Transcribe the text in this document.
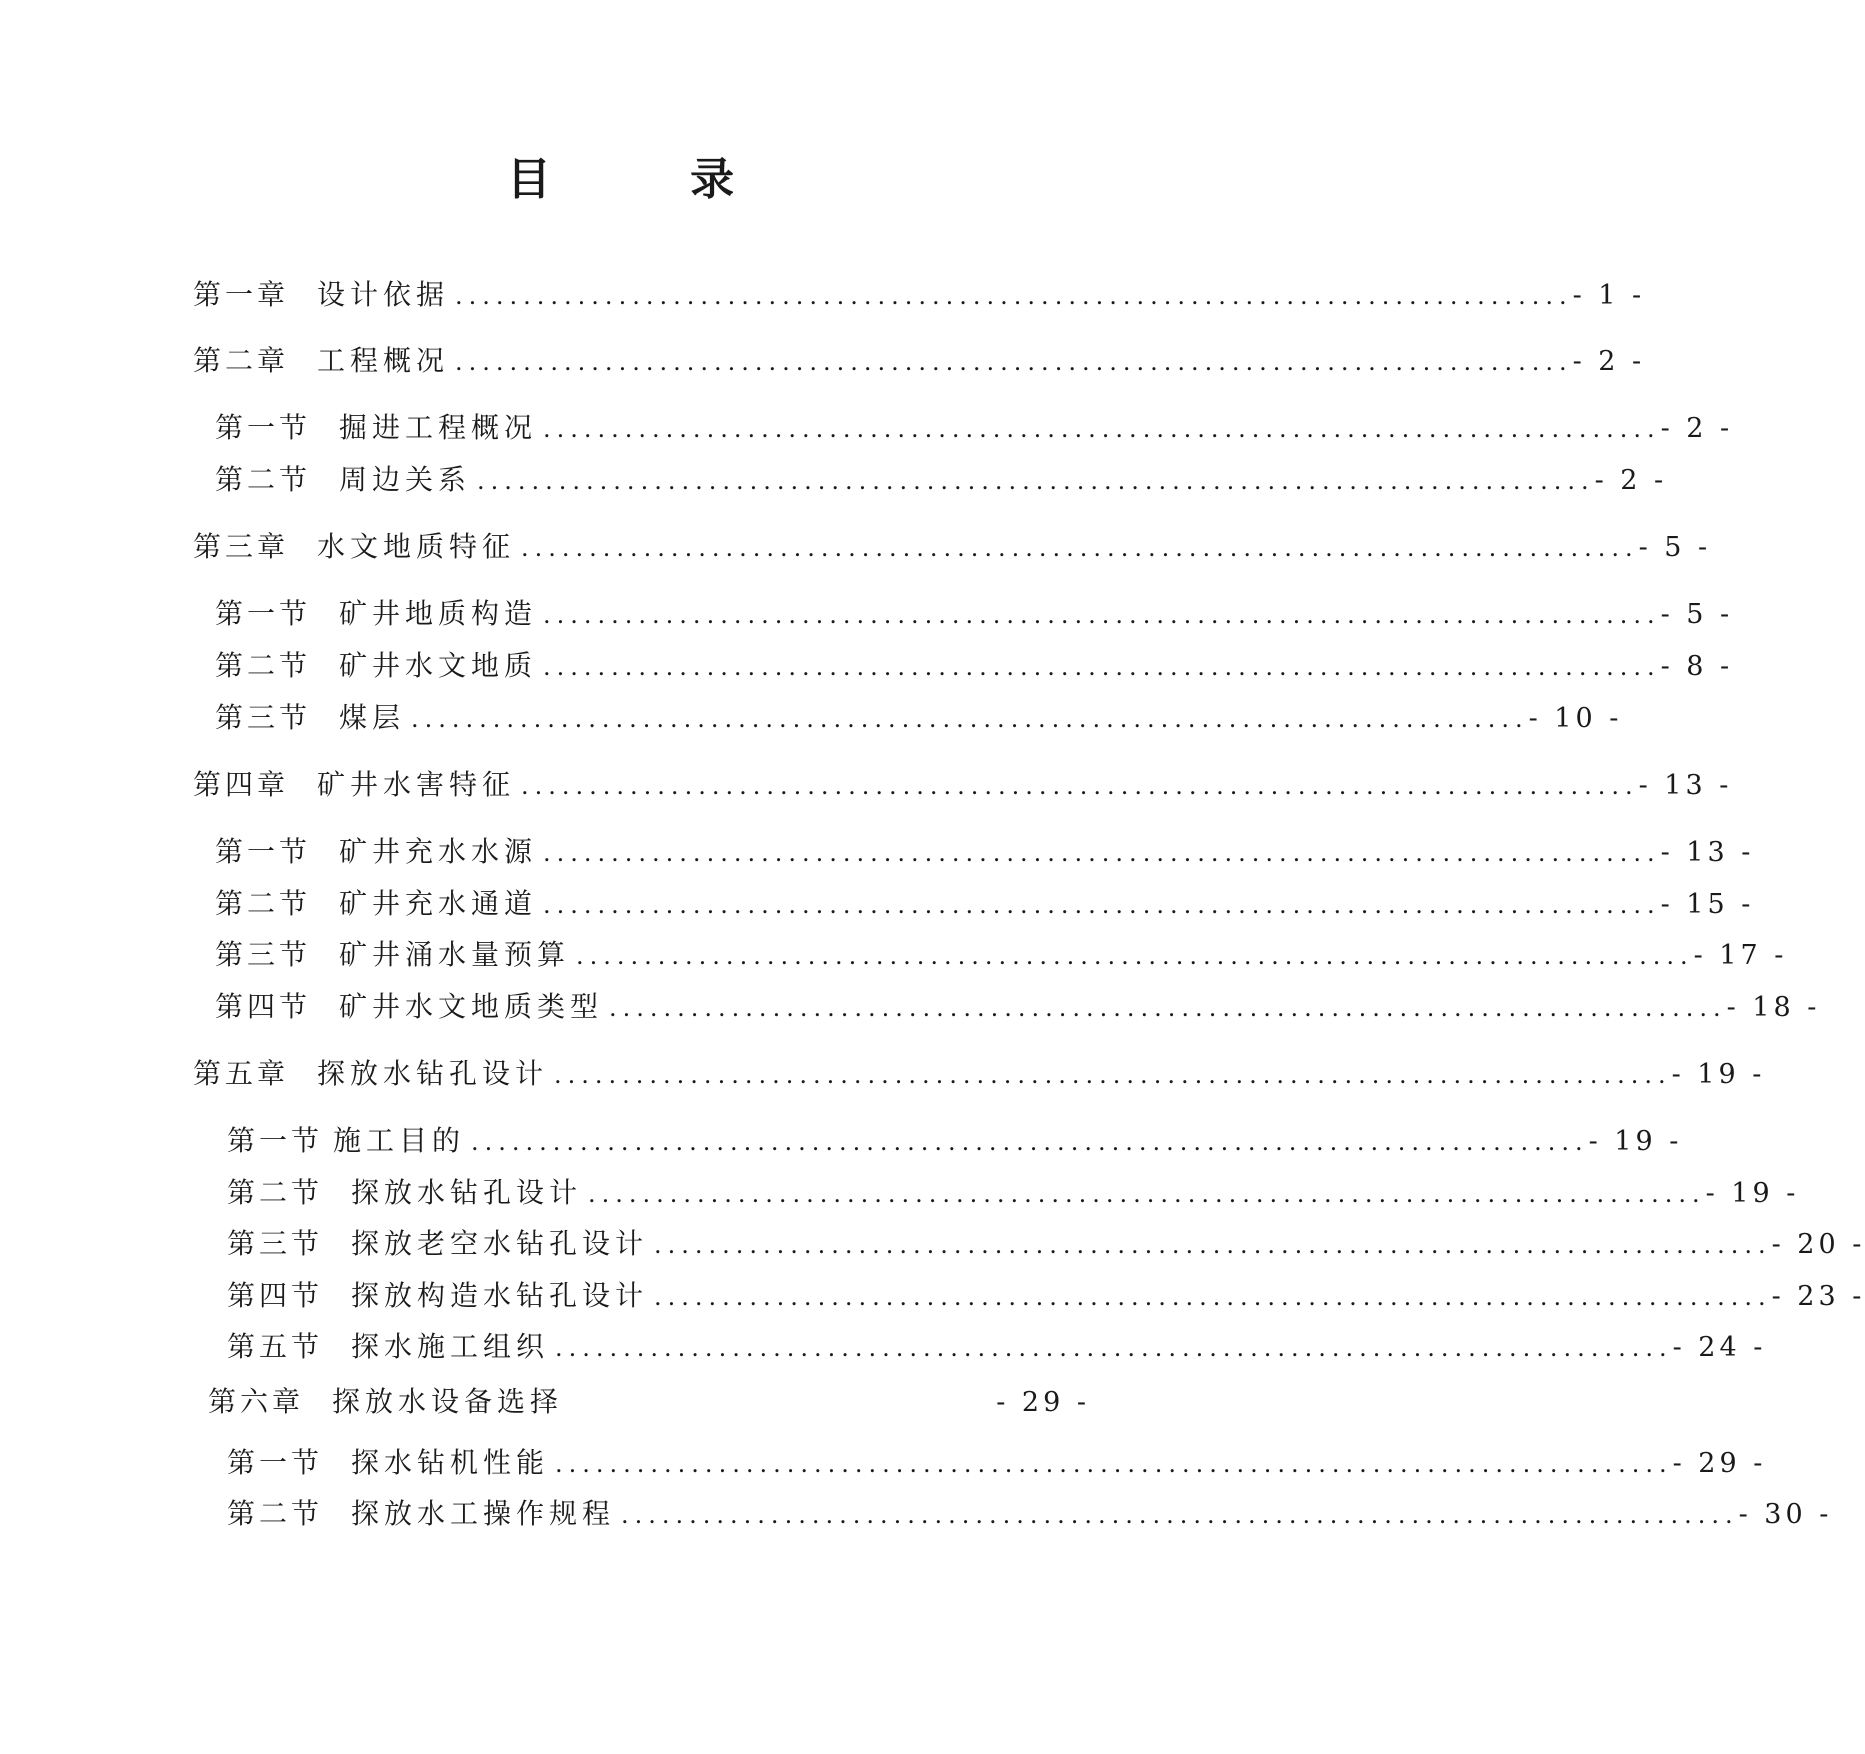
目 录
第一章 设计依据 .................................................................................. - 1 -
第二章 工程概况 .................................................................................. - 2 -
第一节 掘进工程概况 .................................................................................. - 2 -
第二节 周边关系 .................................................................................. - 2 -
第三章 水文地质特征 .................................................................................. - 5 -
第一节 矿井地质构造 .................................................................................. - 5 -
第二节 矿井水文地质 .................................................................................. - 8 -
第三节 煤层 .................................................................................. - 10 -
第四章 矿井水害特征 .................................................................................. - 13 -
第一节 矿井充水水源 .................................................................................. - 13 -
第二节 矿井充水通道 .................................................................................. - 15 -
第三节 矿井涌水量预算 .................................................................................. - 17 -
第四节 矿井水文地质类型 .................................................................................. - 18 -
第五章 探放水钻孔设计 .................................................................................. - 19 -
第一节 施工目的 .................................................................................. - 19 -
第二节 探放水钻孔设计 .................................................................................. - 19 -
第三节 探放老空水钻孔设计 .................................................................................. - 20 -
第四节 探放构造水钻孔设计 .................................................................................. - 23 -
第五节 探水施工组织 .................................................................................. - 24 -
第六章 探放水设备选择	- 29 -
第一节 探水钻机性能 .................................................................................. - 29 -
第二节 探放水工操作规程 .................................................................................. - 30 -
